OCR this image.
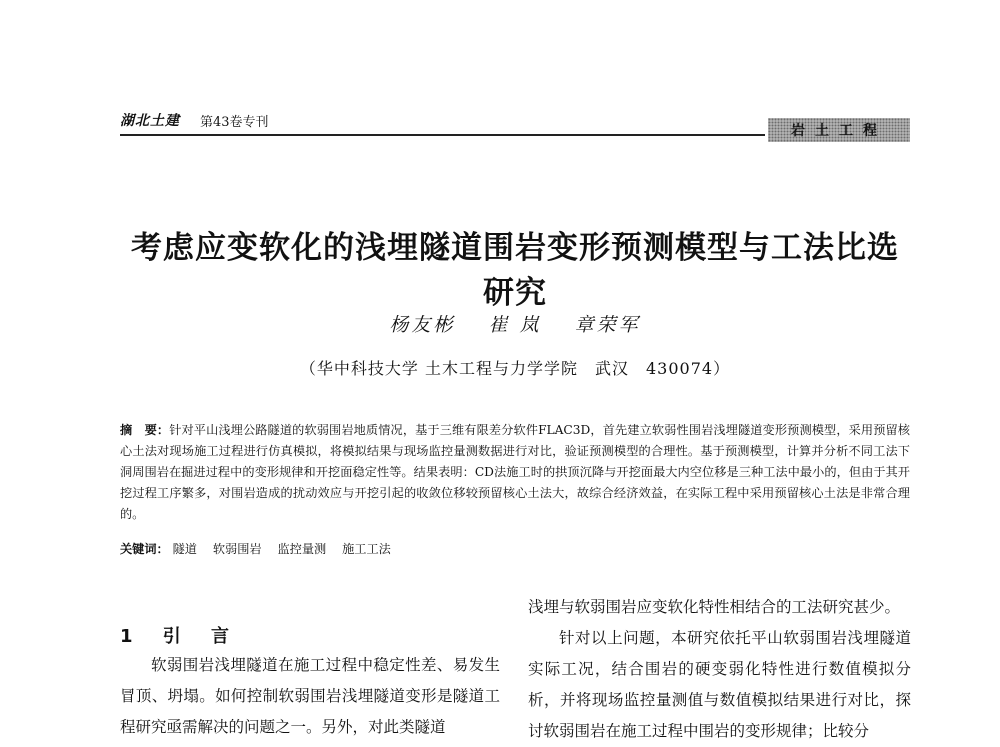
湖北土建 第43卷专刊
岩土工程
考虑应变软化的浅埋隧道围岩变形预测模型与工法比选研究
杨友彬 崔 岚 章荣军
（华中科技大学 土木工程与力学学院　武汉　430074）
摘　要：针对平山浅埋公路隧道的软弱围岩地质情况，基于三维有限差分软件FLAC3D，首先建立软弱性围岩浅埋隧道变形预测模型，采用预留核心土法对现场施工过程进行仿真模拟，将模拟结果与现场监控量测数据进行对比，验证预测模型的合理性。基于预测模型，计算并分析不同工法下洞周围岩在掘进过程中的变形规律和开挖面稳定性等。结果表明：CD法施工时的拱顶沉降与开挖面最大内空位移是三种工法中最小的，但由于其开挖过程工序繁多，对围岩造成的扰动效应与开挖引起的收敛位移较预留核心土法大，故综合经济效益，在实际工程中采用预留核心土法是非常合理的。
关键词： 隧道 软弱围岩 监控量测 施工工法
1 引 言

软弱围岩浅埋隧道在施工过程中稳定性差、易发生冒顶、坍塌。如何控制软弱围岩浅埋隧道变形是隧道工程研究亟需解决的问题之一。另外，对此类隧道

浅埋与软弱围岩应变软化特性相结合的工法研究甚少。

针对以上问题，本研究依托平山软弱围岩浅埋隧道实际工况，结合围岩的硬变弱化特性进行数值模拟分析，并将现场监控量测值与数值模拟结果进行对比，探讨软弱围岩在施工过程中围岩的变形规律；比较分
